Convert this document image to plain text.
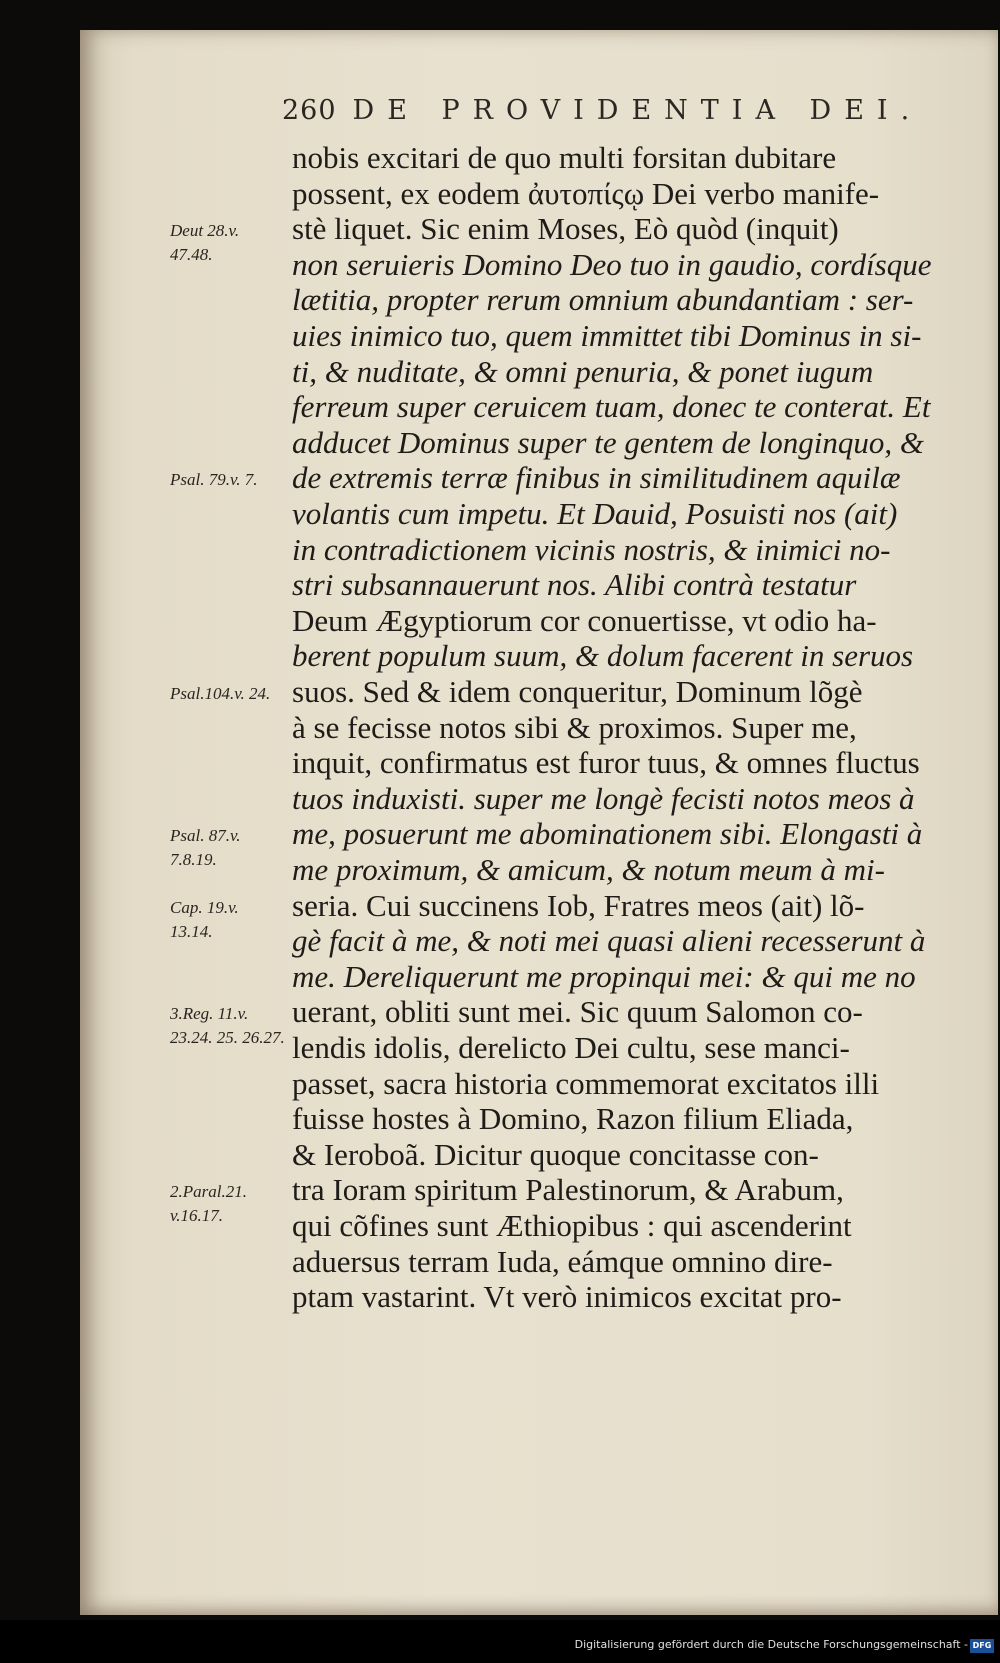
260 DE PROVIDENTIA DEI.
nobis excitari de quo multi forsitan dubitare
possent, ex eodem ἀυτοπίςῳ Dei verbo manife-
stè liquet. Sic enim Moses, Eò quòd (inquit)
non seruieris Domino Deo tuo in gaudio, cordísque
lætitia, propter rerum omnium abundantiam : ser-
uies inimico tuo, quem immittet tibi Dominus in si-
ti, & nuditate, & omni penuria, & ponet iugum
ferreum super ceruicem tuam, donec te conterat. Et
adducet Dominus super te gentem de longinquo, &
de extremis terræ finibus in similitudinem aquilæ
volantis cum impetu. Et Dauid, Posuisti nos (ait)
in contradictionem vicinis nostris, & inimici no-
stri subsannauerunt nos. Alibi contrà testatur
Deum Ægyptiorum cor conuertisse, vt odio ha-
berent populum suum, & dolum facerent in seruos
suos. Sed & idem conqueritur, Dominum lõgè
à se fecisse notos sibi & proximos. Super me,
inquit, confirmatus est furor tuus, & omnes fluctus
tuos induxisti. super me longè fecisti notos meos à
me, posuerunt me abominationem sibi. Elongasti à
me proximum, & amicum, & notum meum à mi-
seria. Cui succinens Iob, Fratres meos (ait) lõ-
gè facit à me, & noti mei quasi alieni recesserunt à
me. Dereliquerunt me propinqui mei: & qui me no
uerant, obliti sunt mei. Sic quum Salomon co-
lendis idolis, derelicto Dei cultu, sese manci-
passet, sacra historia commemorat excitatos illi
fuisse hostes à Domino, Razon filium Eliada,
& Ieroboã. Dicitur quoque concitasse con-
tra Ioram spiritum Palestinorum, & Arabum,
qui cõfines sunt Æthiopibus : qui ascenderint
aduersus terram Iuda, eámque omnino dire-
ptam vastarint. Vt verò inimicos excitat pro-
Deut 28.v. 47.48.
Psal. 79.v. 7.
Psal.104.v. 24.
Psal. 87.v. 7.8.19.
Cap. 19.v. 13.14.
3.Reg. 11.v. 23.24. 25. 26.27.
2.Paral.21. v.16.17.
Digitalisierung gefördert durch die Deutsche Forschungsgemeinschaft - DFG
